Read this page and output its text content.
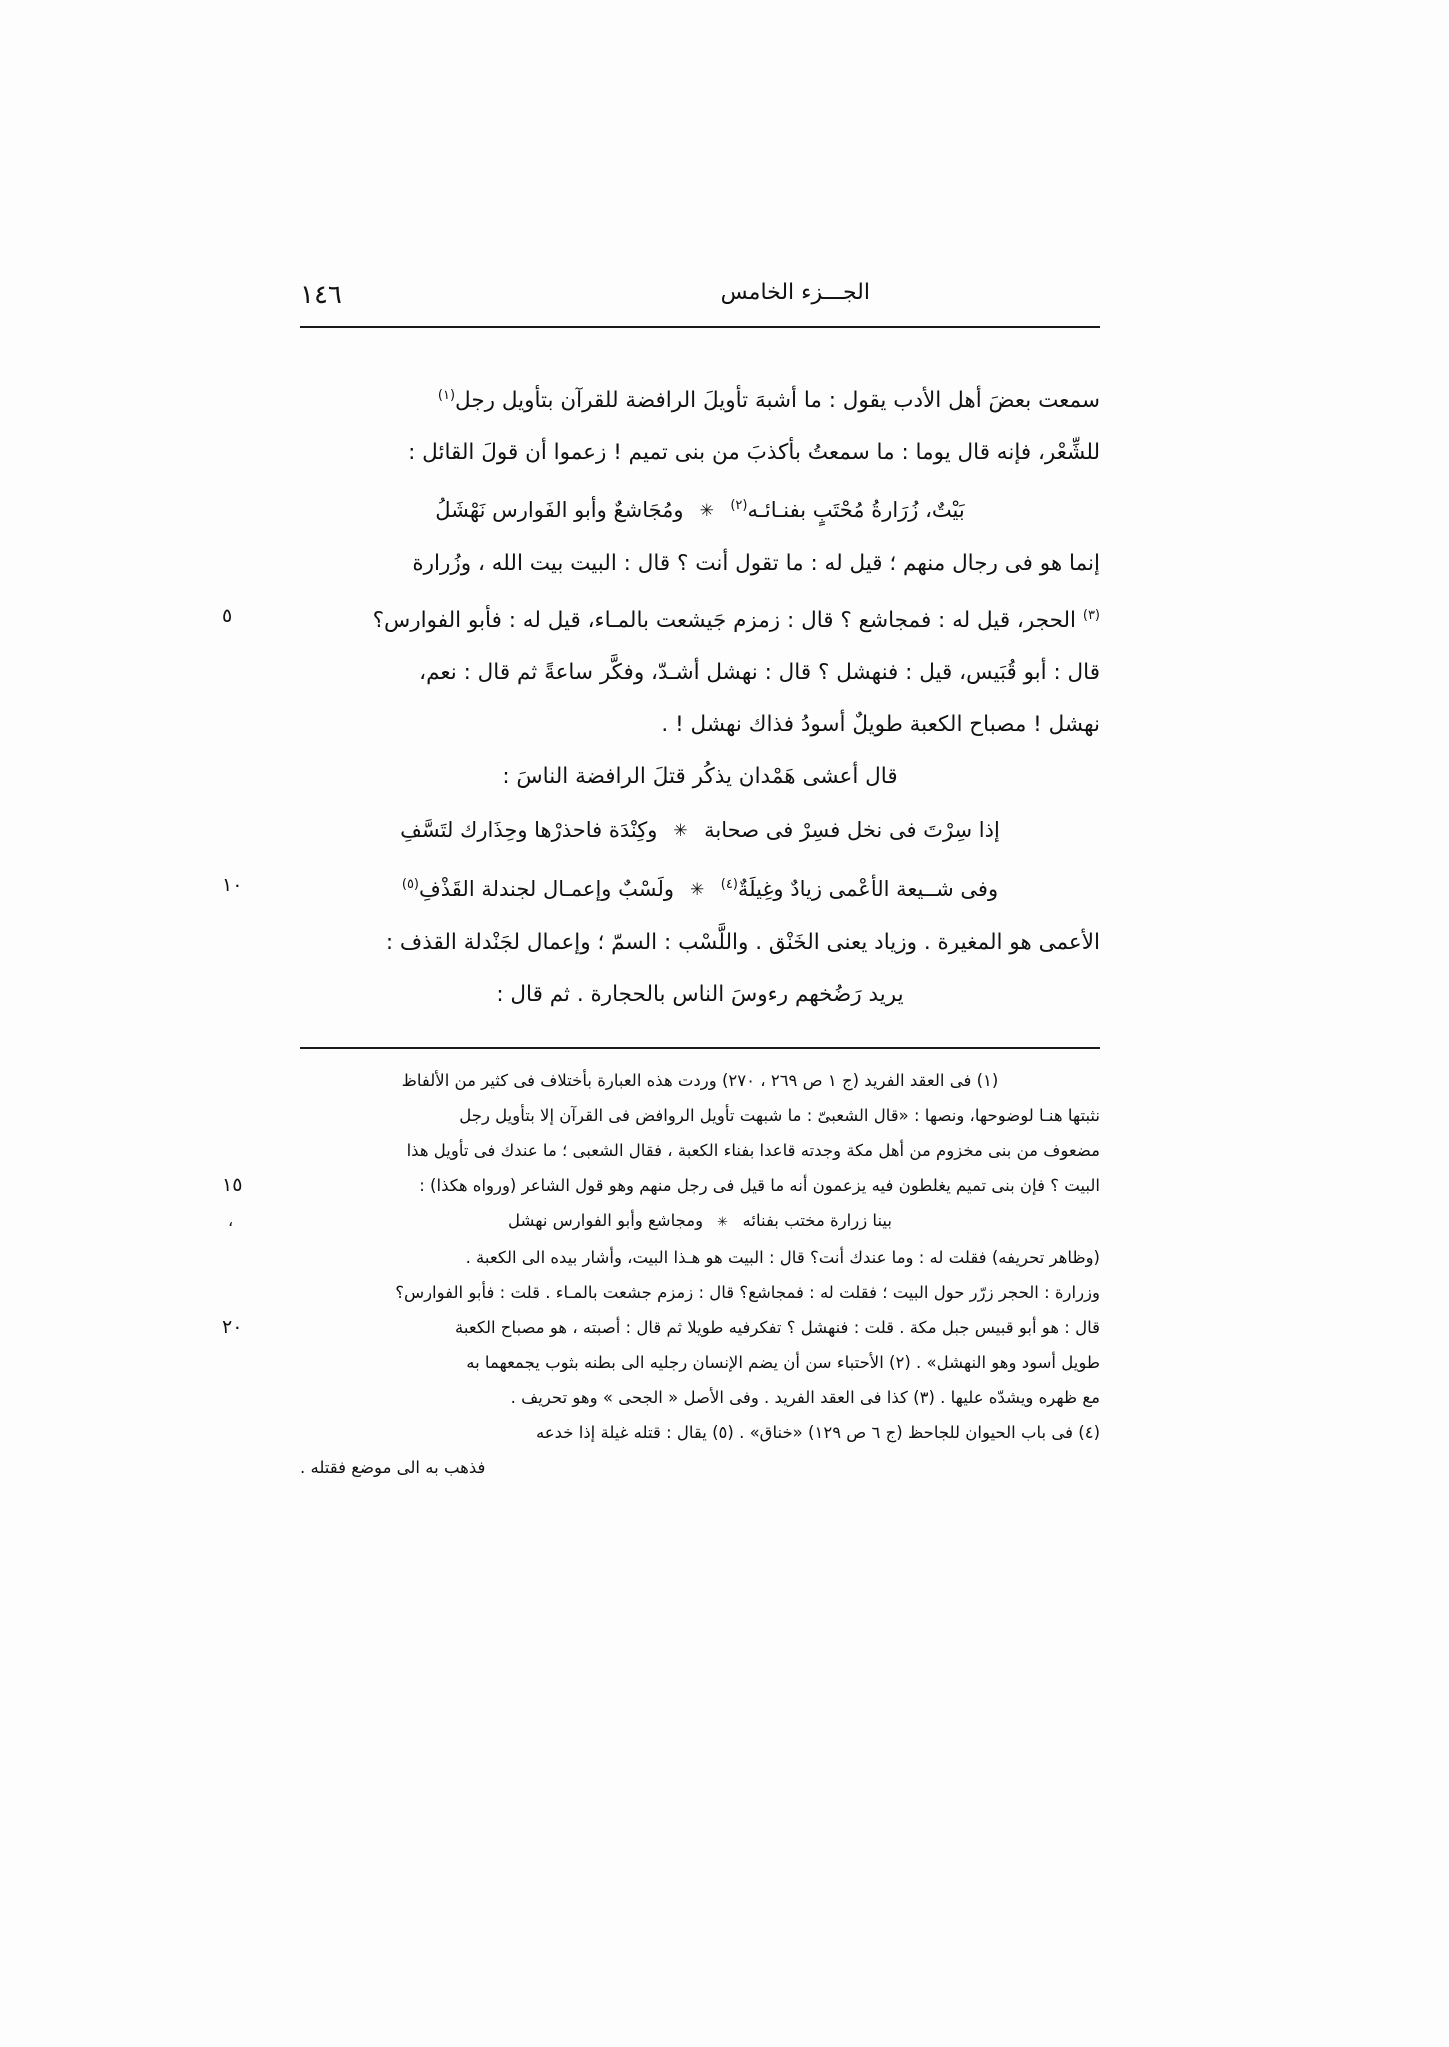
١٤٦	الجـــزء الخامس
سمعت بعضَ أهل الأدب يقول : ما أشبهَ تأويلَ الرافضة للقرآن بتأويل رجل$^{(١)}$
للشِّعْر، فإنه قال يوما : ما سمعتُ بأكذبَ من بنى تميم ! زعموا أن قولَ القائل :
بَيْتٌ، زُرَارةُ مُحْتَبٍ بفنـائـه$^{(٢)}$✳ومُجَاشعٌ وأبو الفَوارس نَهْشَلُ
إنما هو فى رجال منهم ؛ قيل له : ما تقول أنت ؟ قال : البيت بيت الله ، وزُرارة
$^{(٣)}$
٥	الحجر، قيل له : فمجاشع ؟ قال : زمزم جَيشعت بالمـاء، قيل له : فأبو الفوارس؟
قال : أبو قُبَيس، قيل : فنهشل ؟ قال : نهشل أشـدّ، وفكَّر ساعةً ثم قال : نعم،
نهشل ! مصباح الكعبة طويلٌ أسودُ فذاك نهشل ! .
قال أعشى هَمْدان يذكُر قتلَ الرافضة الناسَ :
إذا سِرْتَ فى نخل فسِرْ فى صحابة✳وكِنْدَة فاحذرْها وحِذَارك لتَسَّفِ
١٠	وفى شــيعة الأعْمى زيادٌ وغِيلَةٌ$^{(٤)}$✳ولَسْبٌ وإعمـال لجندلة القَذْفِ$^{(٥)}$
الأعمى هو المغيرة . وزياد يعنى الخَنْق . واللَّسْب : السمّ ؛ وإعمال لجَنْدلة القذف :
يريد رَضُخهم رءوسَ الناس بالحجارة . ثم قال :
(١) فى العقد الفريد (ج ١ ص ٢٦٩ ، ٢٧٠) وردت هذه العبارة بأختلاف فى كثير من الألفاظ
نثبتها هنـا لوضوحها، ونصها : «قال الشعبىّ : ما شبهت تأويل الروافض فى القرآن إلا بتأويل رجل
مضعوف من بنى مخزوم من أهل مكة وجدته قاعدا بفناء الكعبة ، فقال الشعبى ؛ ما عندك فى تأويل هذا
١٥	البيت ؟ فإن بنى تميم يغلطون فيه يزعمون أنه ما قيل فى رجل منهم وهو قول الشاعر (ورواه هكذا) :
،	بينا زرارة مختب بفنائه✳ومجاشع وأبو الفوارس نهشل
(وظاهر تحريفه) فقلت له : وما عندك أنت؟ قال : البيت هو هـذا البيت، وأشار بيده الى الكعبة .
وزرارة : الحجر زرّر حول البيت ؛ فقلت له : فمجاشع؟ قال : زمزم جشعت بالمـاء . قلت : فأبو الفوارس؟
٢٠	قال : هو أبو قبيس جبل مكة . قلت : فنهشل ؟ تفكرفيه طويلا ثم قال : أصبته ، هو مصباح الكعبة
طويل أسود وهو النهشل» . (٢) الأحتباء سن أن يضم الإنسان رجليه الى بطنه بثوب يجمعهما به
مع ظهره ويشدّه عليها . (٣) كذا فى العقد الفريد . وفى الأصل « الجحى » وهو تحريف .
(٤) فى باب الحيوان للجاحظ (ج ٦ ص ١٢٩) «خناق» . (٥) يقال : قتله غيلة إذا خدعه
فذهب به الى موضع فقتله .
